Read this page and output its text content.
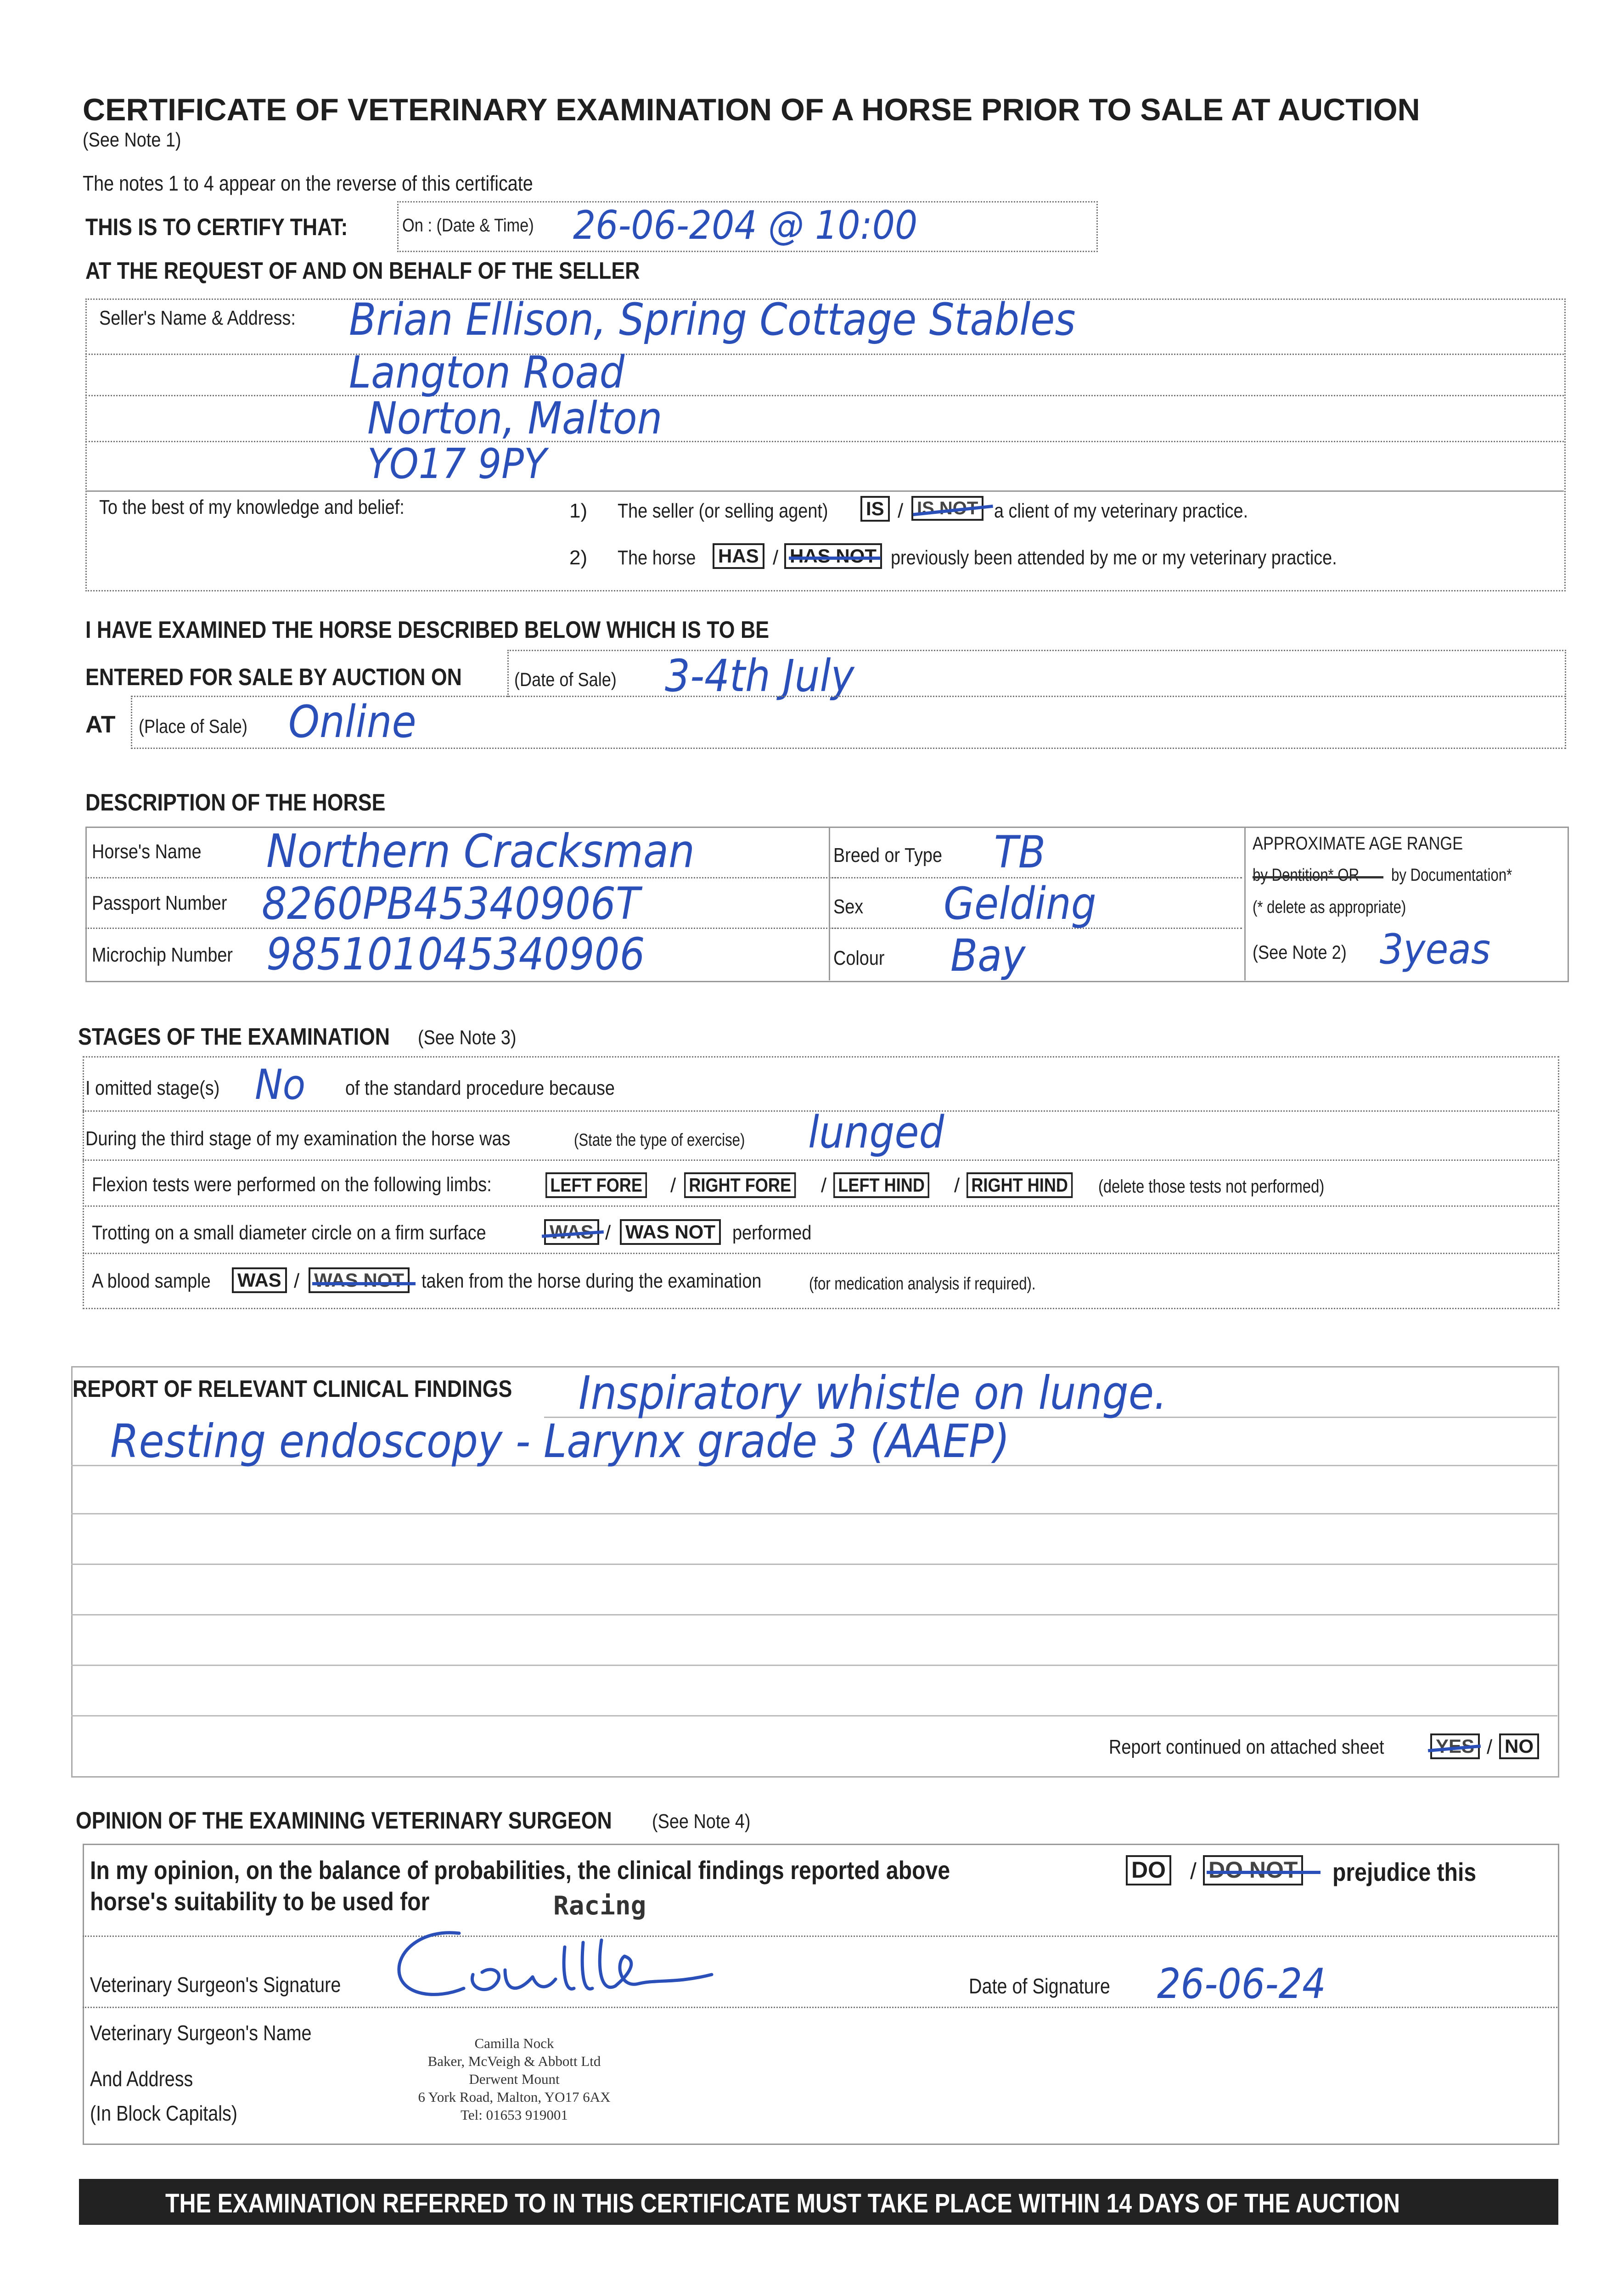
CERTIFICATE OF VETERINARY EXAMINATION OF A HORSE PRIOR TO SALE AT AUCTION
(See Note 1)
The notes 1 to 4 appear on the reverse of this certificate
THIS IS TO CERTIFY THAT:	On : (Date & Time) 26-06-204 @ 10:00
AT THE REQUEST OF AND ON BEHALF OF THE SELLER
Seller's Name & Address: Brian Ellison, Spring Cottage Stables
Langton Road
Norton, Malton
YO17 9PY
To the best of my knowledge and belief:	1) The seller (or selling agent) IS / IS NOT a client of my veterinary practice.
2) The horse HAS / HAS NOT previously been attended by me or my veterinary practice.
I HAVE EXAMINED THE HORSE DESCRIBED BELOW WHICH IS TO BE
ENTERED FOR SALE BY AUCTION ON	(Date of Sale) 3-4th July
AT (Place of Sale) Online
DESCRIPTION OF THE HORSE
Horse's Name Northern Cracksman
Passport Number 8260PB45340906T
Microchip Number 985101045340906
Breed or Type TB
Sex Gelding
Colour Bay
APPROXIMATE AGE RANGE
by Dentition* OR by Documentation*
(* delete as appropriate)
(See Note 2) 3yeas
STAGES OF THE EXAMINATION (See Note 3)
I omitted stage(s) No of the standard procedure because
During the third stage of my examination the horse was	(State the type of exercise) lunged
Flexion tests were performed on the following limbs:	LEFT FORE / RIGHT FORE / LEFT HIND / RIGHT HIND (delete those tests not performed)
Trotting on a small diameter circle on a firm surface	WAS / WAS NOT performed
A blood sample WAS / WAS NOT taken from the horse during the examination	(for medication analysis if required).
REPORT OF RELEVANT CLINICAL FINDINGS Inspiratory whistle on lunge.
Resting endoscopy - Larynx grade 3 (AAEP)
Report continued on attached sheet	YES / NO
OPINION OF THE EXAMINING VETERINARY SURGEON (See Note 4)
In my opinion, on the balance of probabilities, the clinical findings reported above	DO / DO NOT prejudice this
horse's suitability to be used for	Racing
Veterinary Surgeon's Signature	Date of Signature 26-06-24
Veterinary Surgeon's Name
And Address
(In Block Capitals)
Camilla Nock
Baker, McVeigh & Abbott Ltd
Derwent Mount
6 York Road, Malton, YO17 6AX
Tel: 01653 919001
THE EXAMINATION REFERRED TO IN THIS CERTIFICATE MUST TAKE PLACE WITHIN 14 DAYS OF THE AUCTION
